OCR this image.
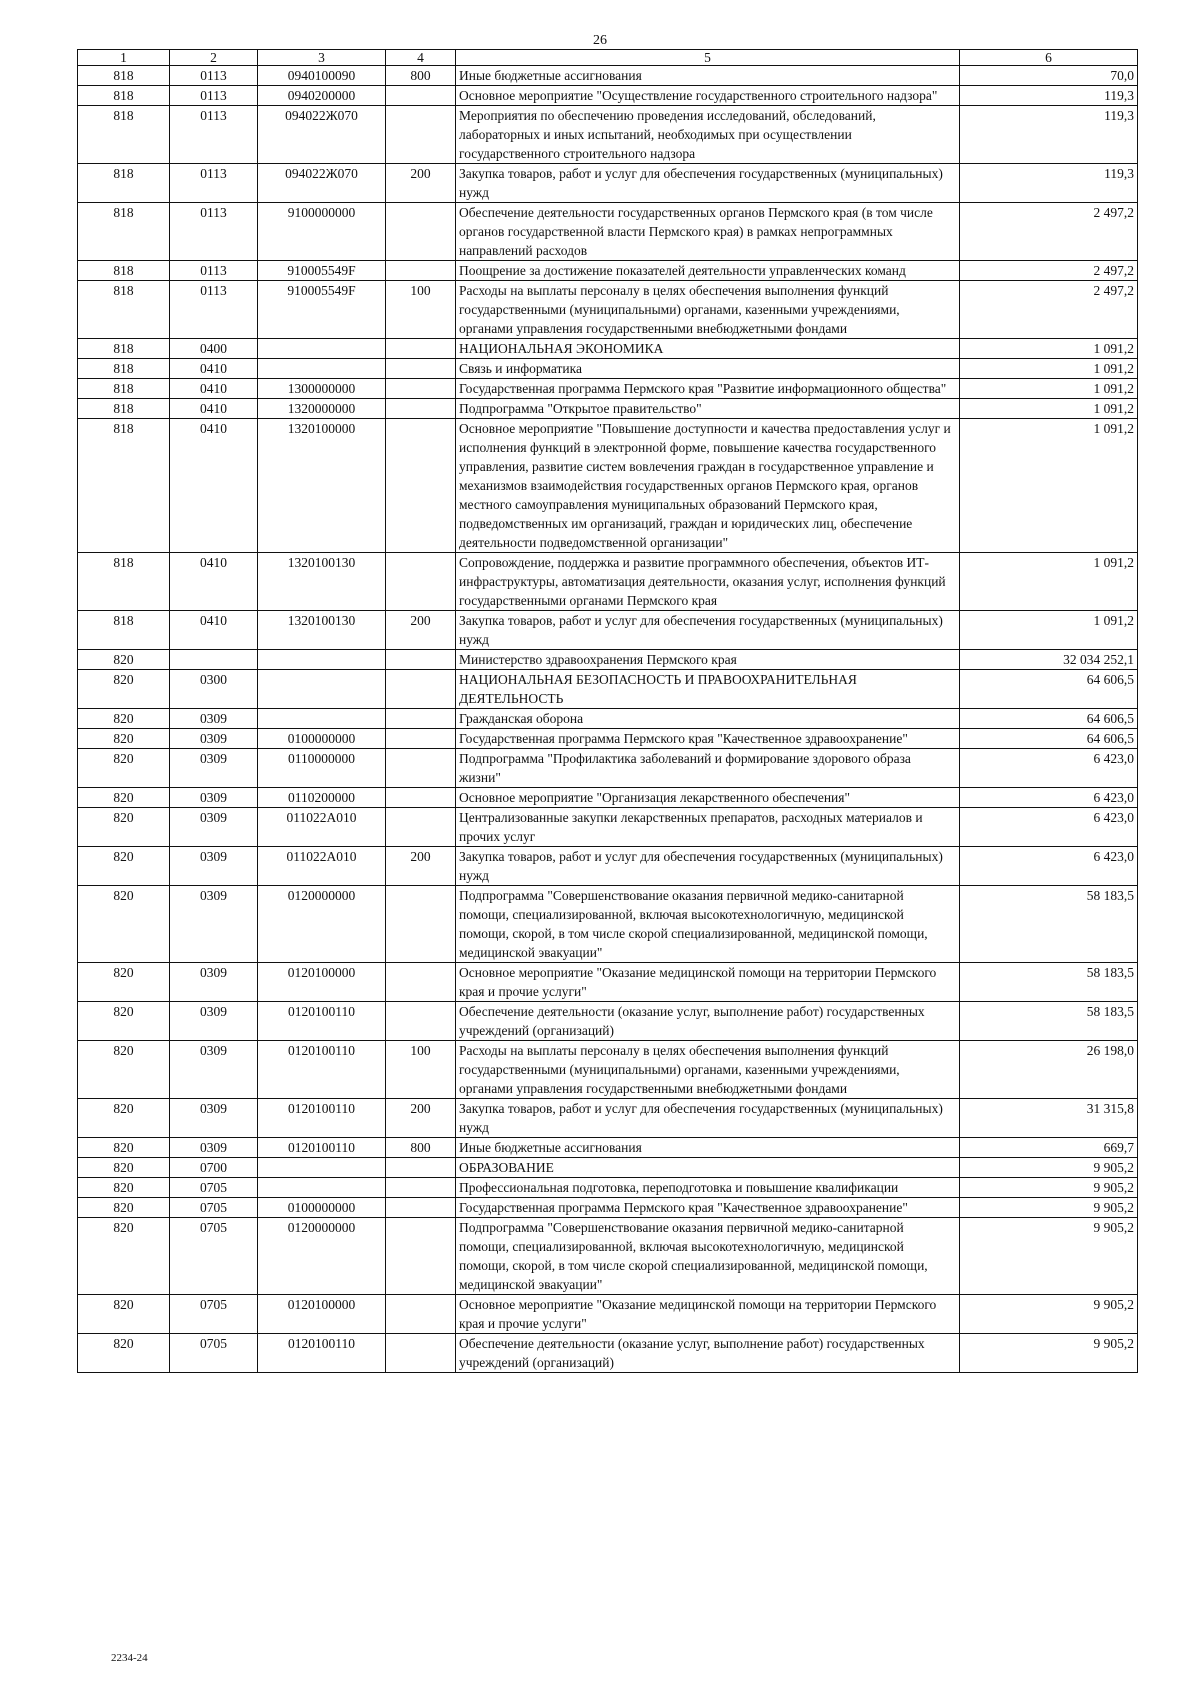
26
1	2	3	4	5	6
818	0113	0940100090	800	Иные бюджетные ассигнования	70,0
818	0113	0940200000		Основное мероприятие "Осуществление государственного строительного надзора"	119,3
818	0113	094022Ж070		Мероприятия по обеспечению проведения исследований, обследований, лабораторных и иных испытаний, необходимых при осуществлении государственного строительного надзора	119,3
818	0113	094022Ж070	200	Закупка товаров, работ и услуг для обеспечения государственных (муниципальных) нужд	119,3
818	0113	9100000000		Обеспечение деятельности государственных органов Пермского края (в том числе органов государственной власти Пермского края) в рамках непрограммных направлений расходов	2 497,2
818	0113	910005549F		Поощрение за достижение показателей деятельности управленческих команд	2 497,2
818	0113	910005549F	100	Расходы на выплаты персоналу в целях обеспечения выполнения функций государственными (муниципальными) органами, казенными учреждениями, органами управления государственными внебюджетными фондами	2 497,2
818	0400			НАЦИОНАЛЬНАЯ ЭКОНОМИКА	1 091,2
818	0410			Связь и информатика	1 091,2
818	0410	1300000000		Государственная программа Пермского края "Развитие информационного общества"	1 091,2
818	0410	1320000000		Подпрограмма "Открытое правительство"	1 091,2
818	0410	1320100000		Основное мероприятие "Повышение доступности и качества предоставления услуг и исполнения функций в электронной форме, повышение качества государственного управления, развитие систем вовлечения граждан в государственное управление и механизмов взаимодействия государственных органов Пермского края, органов местного самоуправления муниципальных образований Пермского края, подведомственных им организаций, граждан и юридических лиц, обеспечение деятельности подведомственной организации"	1 091,2
818	0410	1320100130		Сопровождение, поддержка и развитие программного обеспечения, объектов ИТ-инфраструктуры, автоматизация деятельности, оказания услуг, исполнения функций государственными органами Пермского края	1 091,2
818	0410	1320100130	200	Закупка товаров, работ и услуг для обеспечения государственных (муниципальных) нужд	1 091,2
820				Министерство здравоохранения Пермского края	32 034 252,1
820	0300			НАЦИОНАЛЬНАЯ БЕЗОПАСНОСТЬ И ПРАВООХРАНИТЕЛЬНАЯ ДЕЯТЕЛЬНОСТЬ	64 606,5
820	0309			Гражданская оборона	64 606,5
820	0309	0100000000		Государственная программа Пермского края "Качественное здравоохранение"	64 606,5
820	0309	0110000000		Подпрограмма "Профилактика заболеваний и формирование здорового образа жизни"	6 423,0
820	0309	0110200000		Основное мероприятие "Организация лекарственного обеспечения"	6 423,0
820	0309	011022А010		Централизованные закупки лекарственных препаратов, расходных материалов и прочих услуг	6 423,0
820	0309	011022А010	200	Закупка товаров, работ и услуг для обеспечения государственных (муниципальных) нужд	6 423,0
820	0309	0120000000		Подпрограмма "Совершенствование оказания первичной медико-санитарной помощи, специализированной, включая высокотехнологичную, медицинской помощи, скорой, в том числе скорой специализированной, медицинской помощи, медицинской эвакуации"	58 183,5
820	0309	0120100000		Основное мероприятие "Оказание медицинской помощи на территории Пермского края и прочие услуги"	58 183,5
820	0309	0120100110		Обеспечение деятельности (оказание услуг, выполнение работ) государственных учреждений (организаций)	58 183,5
820	0309	0120100110	100	Расходы на выплаты персоналу в целях обеспечения выполнения функций государственными (муниципальными) органами, казенными учреждениями, органами управления государственными внебюджетными фондами	26 198,0
820	0309	0120100110	200	Закупка товаров, работ и услуг для обеспечения государственных (муниципальных) нужд	31 315,8
820	0309	0120100110	800	Иные бюджетные ассигнования	669,7
820	0700			ОБРАЗОВАНИЕ	9 905,2
820	0705			Профессиональная подготовка, переподготовка и повышение квалификации	9 905,2
820	0705	0100000000		Государственная программа Пермского края "Качественное здравоохранение"	9 905,2
820	0705	0120000000		Подпрограмма "Совершенствование оказания первичной медико-санитарной помощи, специализированной, включая высокотехнологичную, медицинской помощи, скорой, в том числе скорой специализированной, медицинской помощи, медицинской эвакуации"	9 905,2
820	0705	0120100000		Основное мероприятие "Оказание медицинской помощи на территории Пермского края и прочие услуги"	9 905,2
820	0705	0120100110		Обеспечение деятельности (оказание услуг, выполнение работ) государственных учреждений (организаций)	9 905,2
2234-24
